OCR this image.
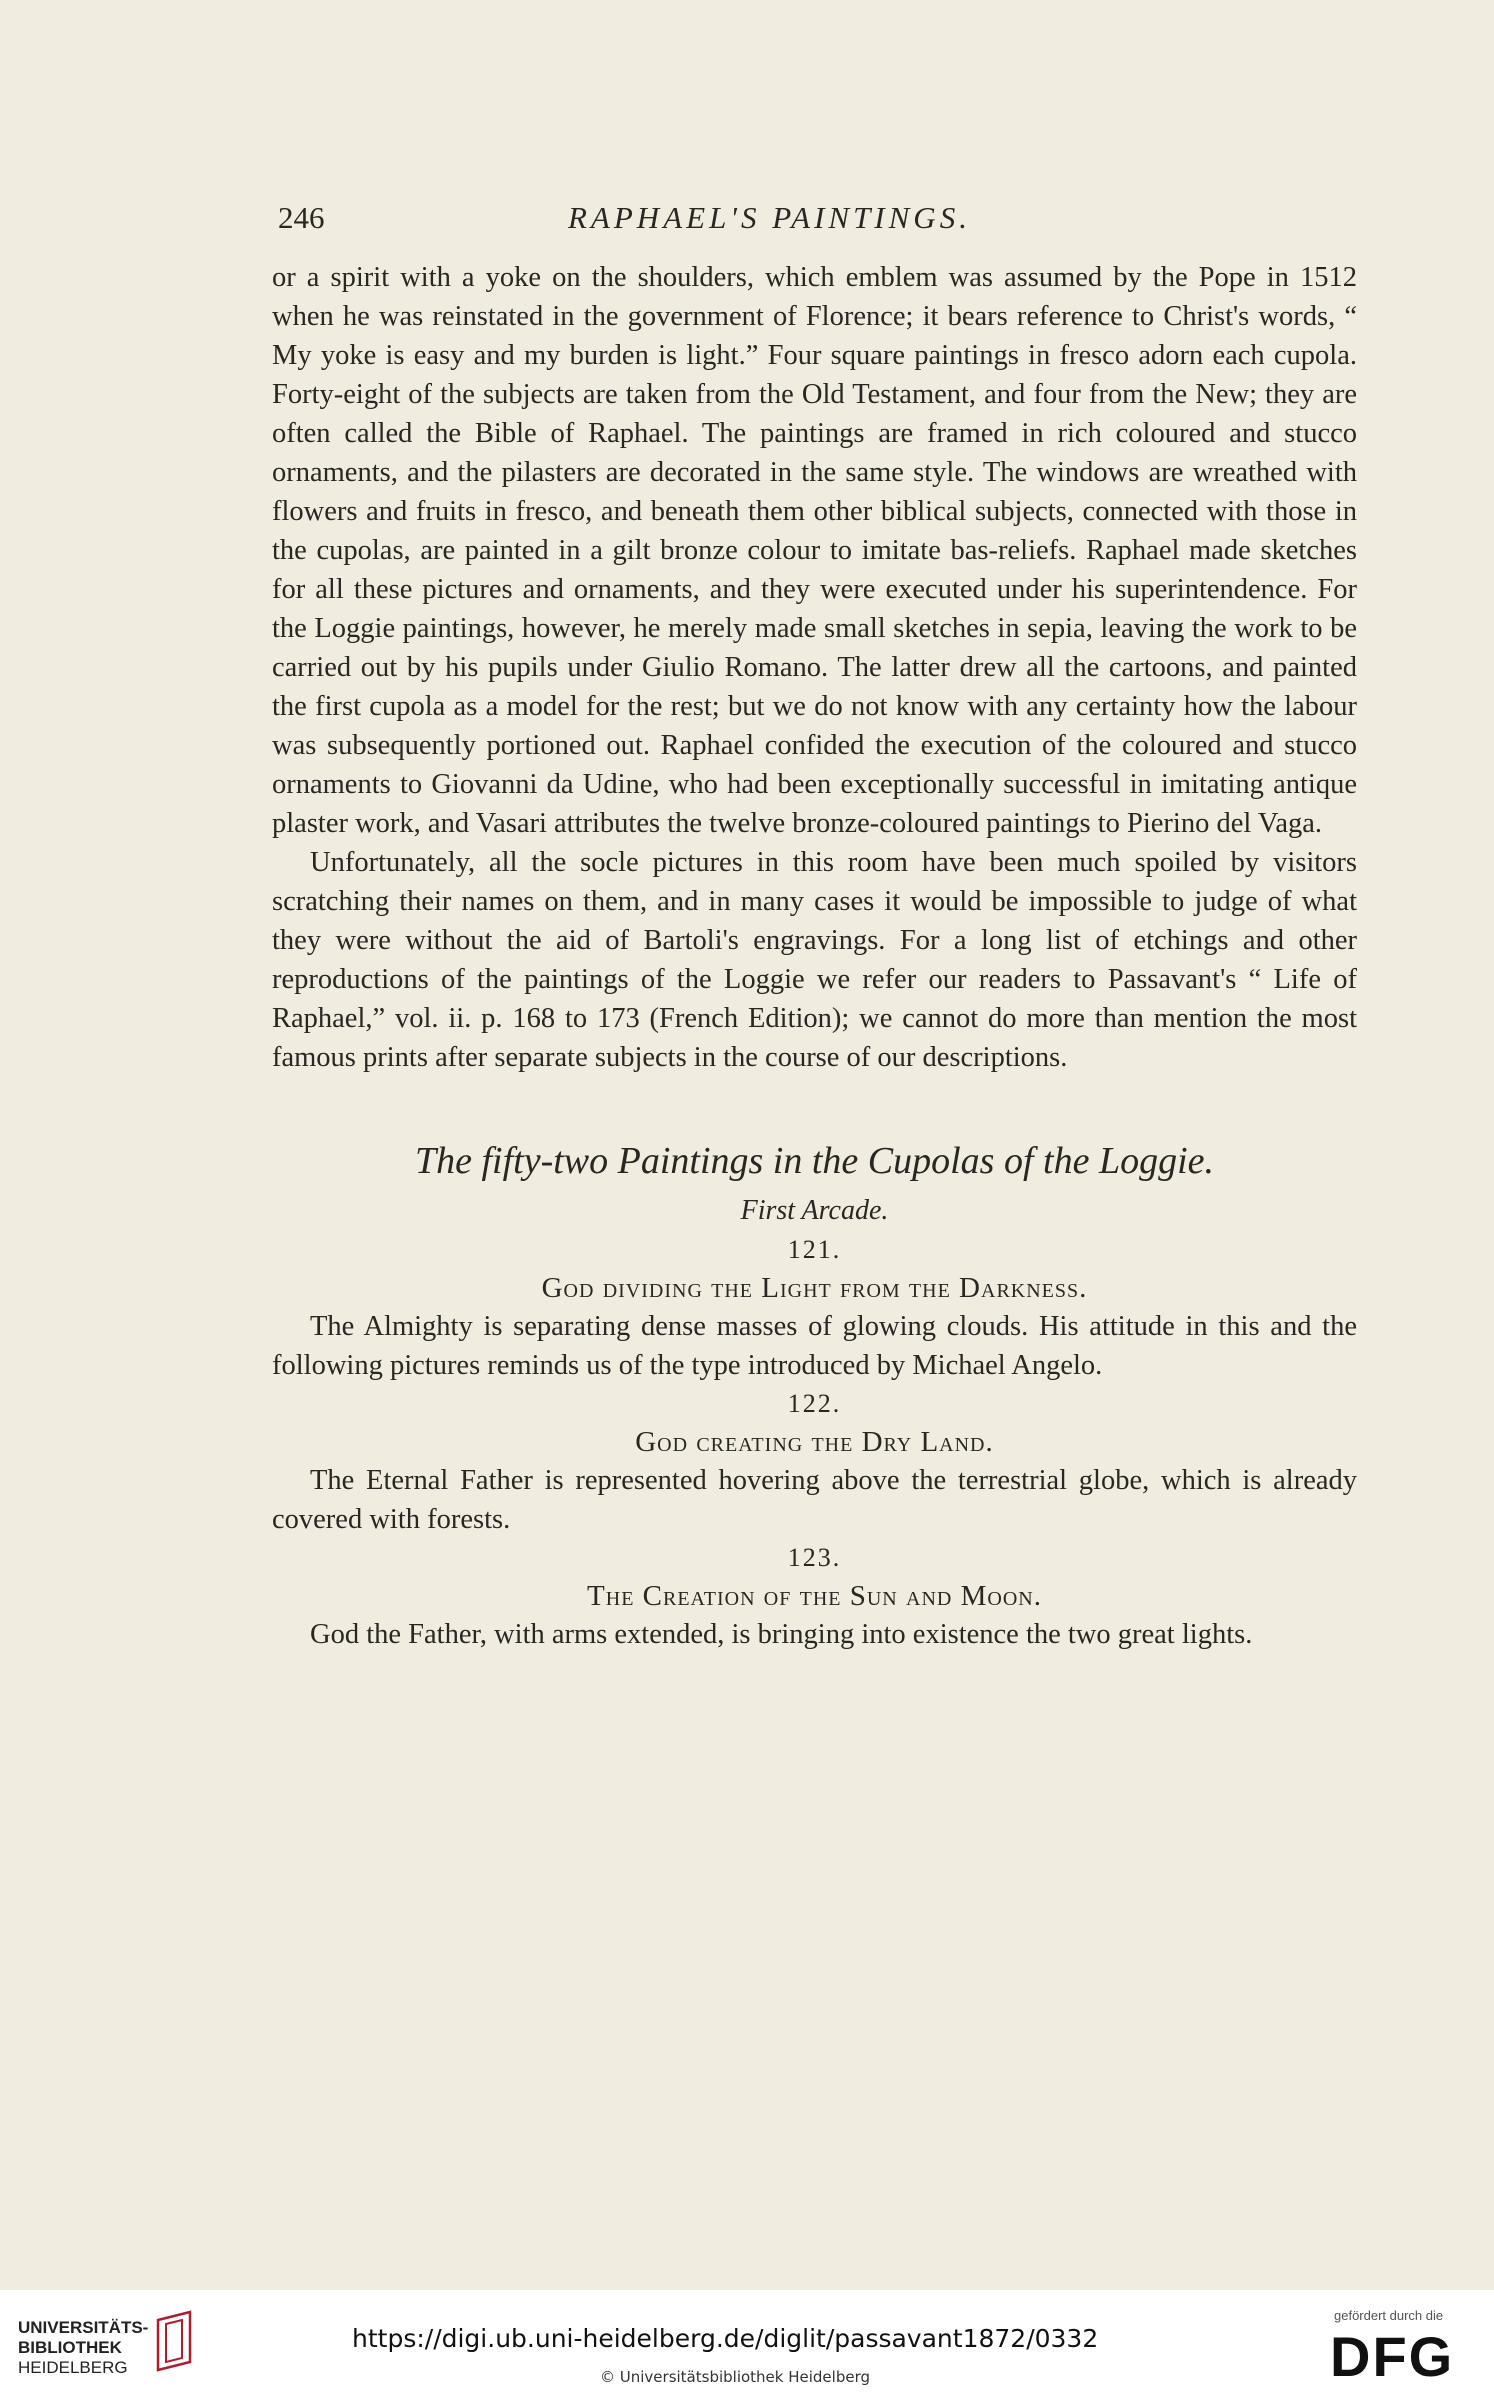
246	RAPHAEL'S PAINTINGS.

or a spirit with a yoke on the shoulders, which emblem was assumed by the Pope in 1512 when he was reinstated in the government of Florence; it bears reference to Christ's words, “ My yoke is easy and my burden is light.” Four square paintings in fresco adorn each cupola. Forty-eight of the subjects are taken from the Old Testament, and four from the New; they are often called the Bible of Raphael. The paintings are framed in rich coloured and stucco ornaments, and the pilasters are decorated in the same style. The windows are wreathed with flowers and fruits in fresco, and beneath them other biblical subjects, connected with those in the cupolas, are painted in a gilt bronze colour to imitate bas-reliefs. Raphael made sketches for all these pictures and ornaments, and they were executed under his superintendence. For the Loggie paintings, however, he merely made small sketches in sepia, leaving the work to be carried out by his pupils under Giulio Romano. The latter drew all the cartoons, and painted the first cupola as a model for the rest; but we do not know with any certainty how the labour was subsequently portioned out. Raphael confided the execution of the coloured and stucco ornaments to Giovanni da Udine, who had been exceptionally successful in imitating antique plaster work, and Vasari attributes the twelve bronze-coloured paintings to Pierino del Vaga.

Unfortunately, all the socle pictures in this room have been much spoiled by visitors scratching their names on them, and in many cases it would be impossible to judge of what they were without the aid of Bartoli's engravings. For a long list of etchings and other reproductions of the paintings of the Loggie we refer our readers to Passavant's “ Life of Raphael,” vol. ii. p. 168 to 173 (French Edition); we cannot do more than mention the most famous prints after separate subjects in the course of our descriptions.

The fifty-two Paintings in the Cupolas of the Loggie.
First Arcade.
121.
God dividing the Light from the Darkness.

The Almighty is separating dense masses of glowing clouds. His attitude in this and the following pictures reminds us of the type introduced by Michael Angelo.

122.
God creating the Dry Land.

The Eternal Father is represented hovering above the terrestrial globe, which is already covered with forests.

123.
The Creation of the Sun and Moon.

God the Father, with arms extended, is bringing into existence the two great lights.

UNIVERSITÄTS-
BIBLIOTHEK
HEIDELBERG
https://digi.ub.uni-heidelberg.de/diglit/passavant1872/0332
© Universitätsbibliothek Heidelberg
gefördert durch die
DFG
